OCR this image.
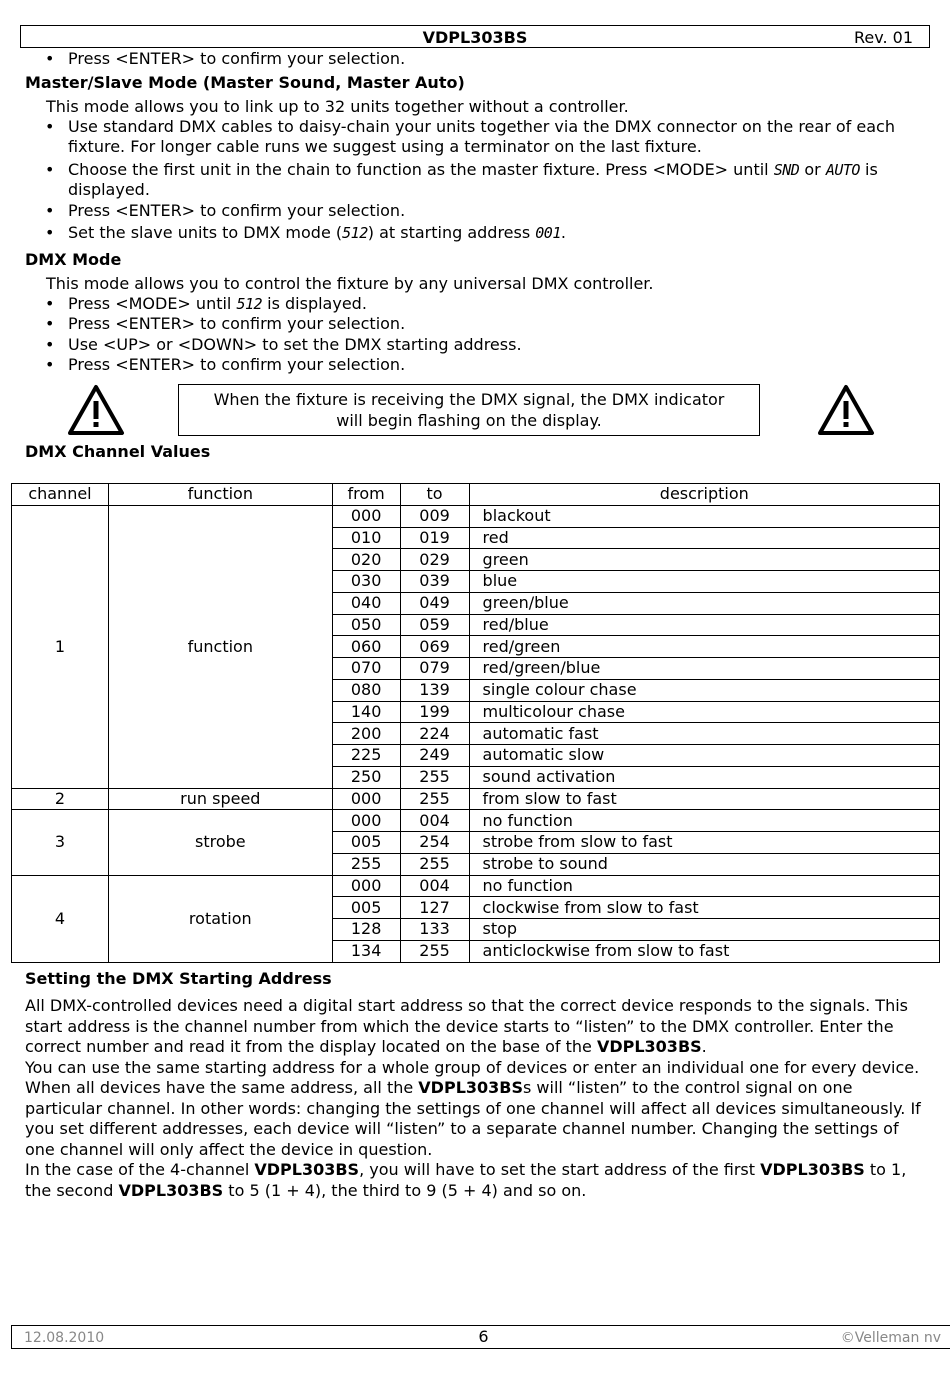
VDPL303BS	Rev. 01
• Press <ENTER> to confirm your selection.
Master/Slave Mode (Master Sound, Master Auto)
This mode allows you to link up to 32 units together without a controller.
• Use standard DMX cables to daisy-chain your units together via the DMX connector on the rear of each fixture. For longer cable runs we suggest using a terminator on the last fixture.
• Choose the first unit in the chain to function as the master fixture. Press <MODE> until SND or AUTO is displayed.
• Press <ENTER> to confirm your selection.
• Set the slave units to DMX mode (512) at starting address 001.
DMX Mode
This mode allows you to control the fixture by any universal DMX controller.
• Press <MODE> until 512 is displayed.
• Press <ENTER> to confirm your selection.
• Use <UP> or <DOWN> to set the DMX starting address.
• Press <ENTER> to confirm your selection.
When the fixture is receiving the DMX signal, the DMX indicator
will begin flashing on the display.
DMX Channel Values
channel	function	from	to	description
1	function	000	009	blackout
		010	019	red
		020	029	green
		030	039	blue
		040	049	green/blue
		050	059	red/blue
		060	069	red/green
		070	079	red/green/blue
		080	139	single colour chase
		140	199	multicolour chase
		200	224	automatic fast
		225	249	automatic slow
		250	255	sound activation
2	run speed	000	255	from slow to fast
3	strobe	000	004	no function
		005	254	strobe from slow to fast
		255	255	strobe to sound
4	rotation	000	004	no function
		005	127	clockwise from slow to fast
		128	133	stop
		134	255	anticlockwise from slow to fast
Setting the DMX Starting Address

All DMX-controlled devices need a digital start address so that the correct device responds to the signals. This start address is the channel number from which the device starts to “listen” to the DMX controller. Enter the correct number and read it from the display located on the base of the VDPL303BS.

You can use the same starting address for a whole group of devices or enter an individual one for every device.

When all devices have the same address, all the VDPL303BSs will “listen” to the control signal on one particular channel. In other words: changing the settings of one channel will affect all devices simultaneously. If you set different addresses, each device will “listen” to a separate channel number. Changing the settings of one channel will only affect the device in question.

In the case of the 4-channel VDPL303BS, you will have to set the start address of the first VDPL303BS to 1, the second VDPL303BS to 5 (1 + 4), the third to 9 (5 + 4) and so on.

12.08.2010	6	©Velleman nv
